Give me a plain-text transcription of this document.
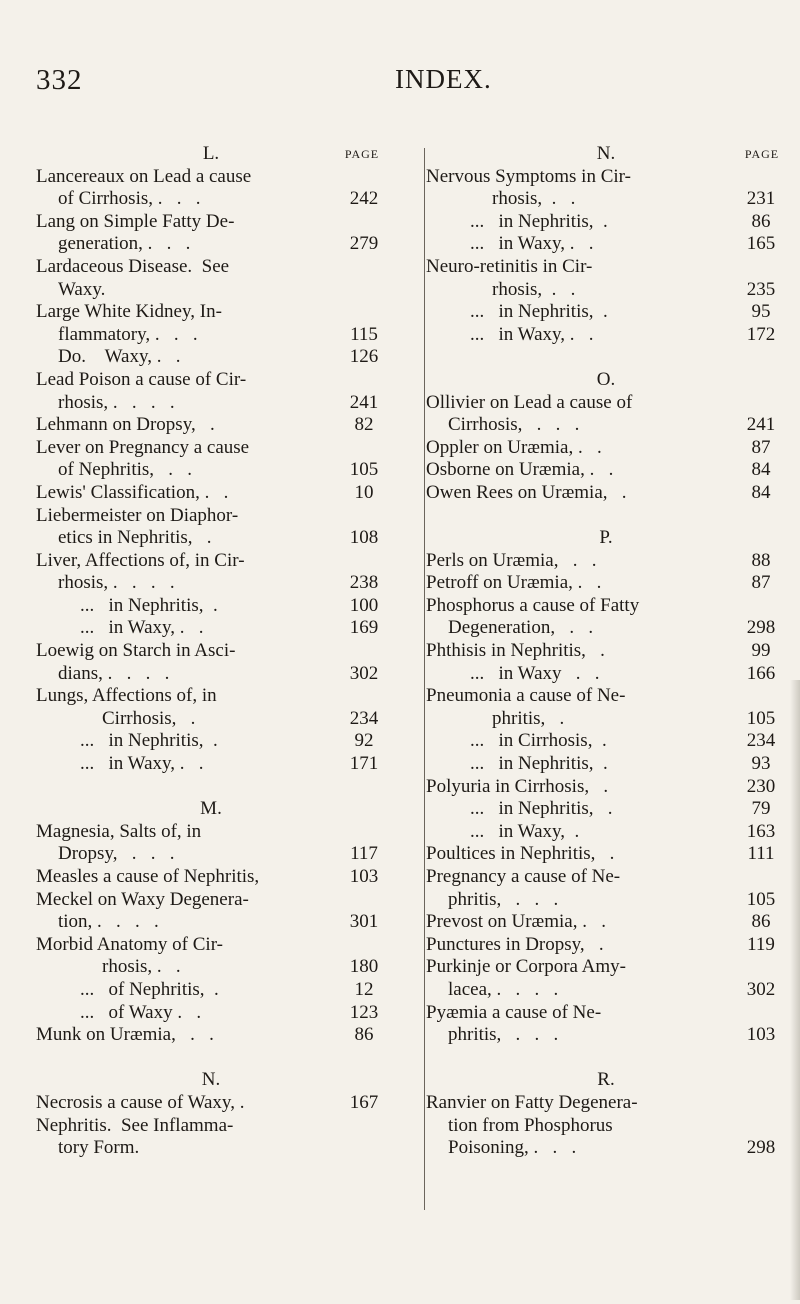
332	INDEX.
L.	PAGE
Lancereaux on Lead a cause
of Cirrhosis, .   .   .	242
Lang on Simple Fatty De-
generation, .   .   .	279
Lardaceous Disease.  See
Waxy.
Large White Kidney, In-
flammatory, .   .   .	115
Do.    Waxy, .   .	126
Lead Poison a cause of Cir-
rhosis, .   .   .   .	241
Lehmann on Dropsy,   .	82
Lever on Pregnancy a cause
of Nephritis,   .   .	105
Lewis' Classification, .   .	10
Liebermeister on Diaphor-
etics in Nephritis,   .	108
Liver, Affections of, in Cir-
rhosis, .   .   .   .	238
...   in Nephritis,  .	100
...   in Waxy, .   .	169
Loewig on Starch in Asci-
dians, .   .   .   .	302
Lungs, Affections of, in
Cirrhosis,   .	234
...   in Nephritis,  .	92
...   in Waxy, .   .	171
M.
Magnesia, Salts of, in
Dropsy,   .   .   .	117
Measles a cause of Nephritis,	103
Meckel on Waxy Degenera-
tion, .   .   .   .	301
Morbid Anatomy of Cir-
rhosis, .   .	180
...   of Nephritis,  .	12
...   of Waxy .   .	123
Munk on Uræmia,   .   .	86
N.
Necrosis a cause of Waxy, .	167
Nephritis.  See Inflamma-
tory Form.
N.	PAGE
Nervous Symptoms in Cir-
rhosis,  .   .	231
...   in Nephritis,  .	86
...   in Waxy, .   .	165
Neuro-retinitis in Cir-
rhosis,  .   .	235
...   in Nephritis,  .	95
...   in Waxy, .   .	172
O.
Ollivier on Lead a cause of
Cirrhosis,   .   .   .	241
Oppler on Uræmia, .   .	87
Osborne on Uræmia, .   .	84
Owen Rees on Uræmia,   .	84
P.
Perls on Uræmia,   .   .	88
Petroff on Uræmia, .   .	87
Phosphorus a cause of Fatty
Degeneration,   .   .	298
Phthisis in Nephritis,   .	99
...   in Waxy   .   .	166
Pneumonia a cause of Ne-
phritis,   .	105
...   in Cirrhosis,  .	234
...   in Nephritis,  .	93
Polyuria in Cirrhosis,   .	230
...   in Nephritis,   .	79
...   in Waxy,  .	163
Poultices in Nephritis,   .	111
Pregnancy a cause of Ne-
phritis,   .   .   .	105
Prevost on Uræmia, .   .	86
Punctures in Dropsy,   .	119
Purkinje or Corpora Amy-
lacea, .   .   .   .	302
Pyæmia a cause of Ne-
phritis,   .   .   .	103
R.
Ranvier on Fatty Degenera-
tion from Phosphorus
Poisoning, .   .   .	298
